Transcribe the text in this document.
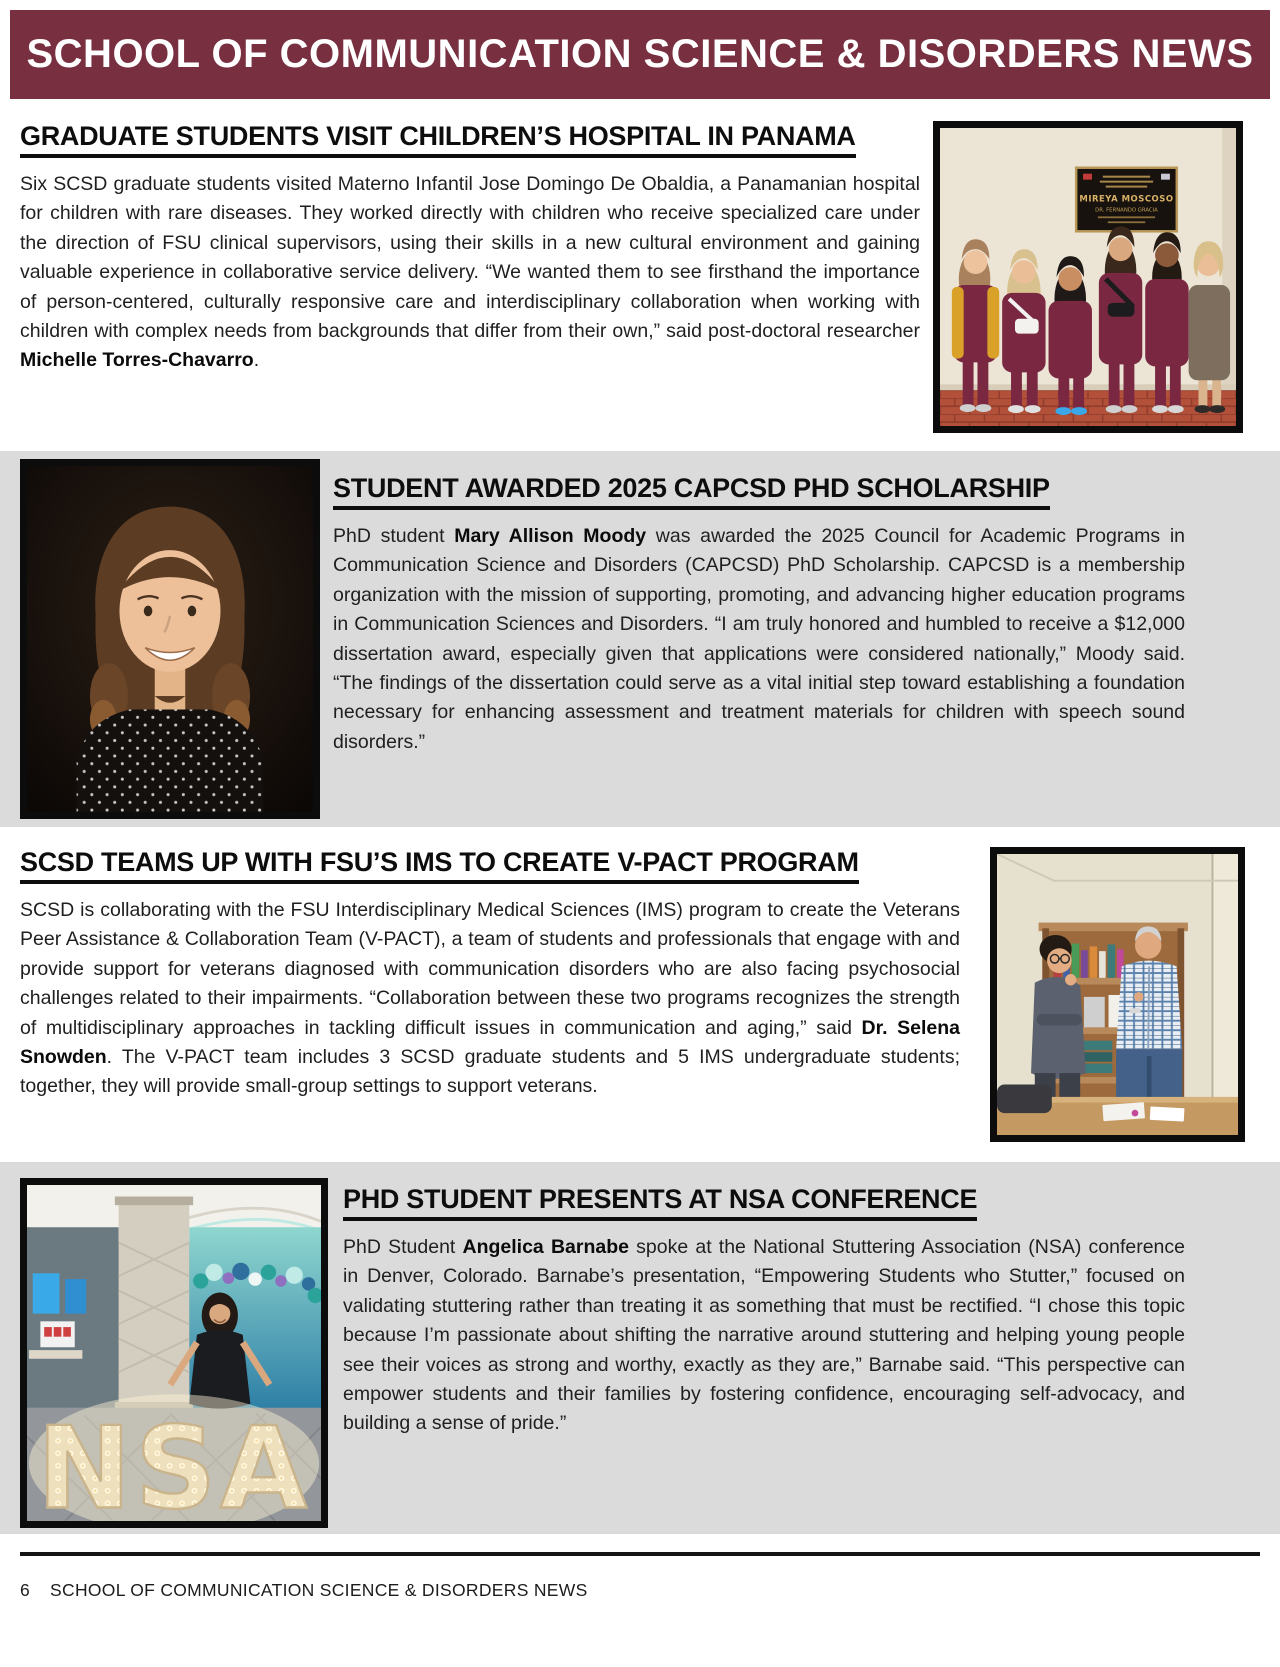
SCHOOL OF COMMUNICATION SCIENCE & DISORDERS NEWS
GRADUATE STUDENTS VISIT CHILDREN’S HOSPITAL IN PANAMA

Six SCSD graduate students visited Materno Infantil Jose Domingo De Obaldia, a Panamanian hospital for children with rare diseases. They worked directly with children who receive specialized care under the direction of FSU clinical supervisors, using their skills in a new cultural environment and gaining valuable experience in collaborative service delivery. “We wanted them to see firsthand the importance of person-centered, culturally responsive care and interdisciplinary collaboration when working with children with complex needs from backgrounds that differ from their own,” said post-doctoral researcher Michelle Torres-Chavarro.

MIREYA MOSCOSO
DR. FERNANDO GRACIA
STUDENT AWARDED 2025 CAPCSD PHD SCHOLARSHIP

PhD student Mary Allison Moody was awarded the 2025 Council for Academic Programs in Communication Science and Disorders (CAPCSD) PhD Scholarship. CAPCSD is a membership organization with the mission of supporting, promoting, and advancing higher education programs in Communication Sciences and Disorders. “I am truly honored and humbled to receive a $12,000 dissertation award, especially given that applications were considered nationally,” Moody said. “The findings of the dissertation could serve as a vital initial step toward establishing a foundation necessary for enhancing assessment and treatment materials for children with speech sound disorders.”

SCSD TEAMS UP WITH FSU’S IMS TO CREATE V-PACT PROGRAM

SCSD is collaborating with the FSU Interdisciplinary Medical Sciences (IMS) program to create the Veterans Peer Assistance & Collaboration Team (V-PACT), a team of students and professionals that engage with and provide support for veterans diagnosed with communication disorders who are also facing psychosocial challenges related to their impairments. “Collaboration between these two programs recognizes the strength of multidisciplinary approaches in tackling difficult issues in communication and aging,” said Dr. Selena Snowden. The V-PACT team includes 3 SCSD graduate students and 5 IMS undergraduate students; together, they will provide small-group settings to support veterans.

NSA
PHD STUDENT PRESENTS AT NSA CONFERENCE

PhD Student Angelica Barnabe spoke at the National Stuttering Association (NSA) conference in Denver, Colorado. Barnabe’s presentation, “Empowering Students who Stutter,” focused on validating stuttering rather than treating it as something that must be rectified. “I chose this topic because I’m passionate about shifting the narrative around stuttering and helping young people see their voices as strong and worthy, exactly as they are,” Barnabe said. “This perspective can empower students and their families by fostering confidence, encouraging self-advocacy, and building a sense of pride.”

6 SCHOOL OF COMMUNICATION SCIENCE & DISORDERS NEWS
